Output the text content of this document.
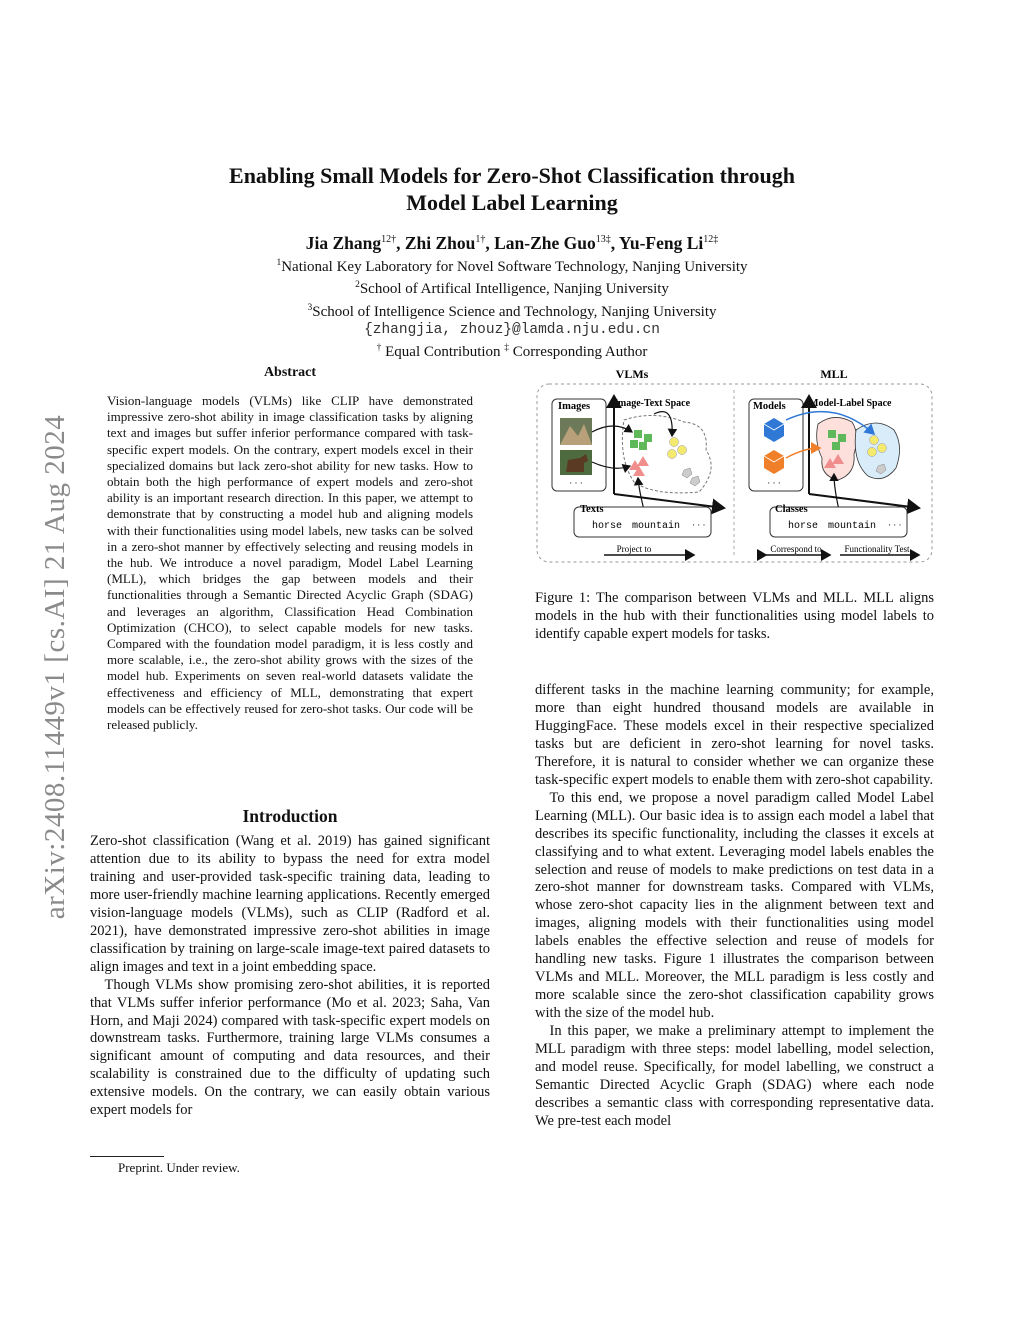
arXiv:2408.11449v1 [cs.AI] 21 Aug 2024
Enabling Small Models for Zero-Shot Classification through
Model Label Learning
Jia Zhang$^{12\dagger}$, Zhi Zhou$^{1\dagger}$, Lan-Zhe Guo$^{13\ddagger}$, Yu-Feng $Li^{12\ddagger}$
$^1$National Key Laboratory for Novel Software Technology, Nanjing University
$^2$School of Artifical Intelligence, Nanjing University
$^3$School of Intelligence Science and Technology, Nanjing University
{zhangjia, zhouz}@lamda.nju.edu.cn
† Equal Contribution ‡ Corresponding Author
Abstract
Vision-language models (VLMs) like CLIP have demonstrated impressive zero-shot ability in image classification tasks by aligning text and images but suffer inferior performance compared with task-specific expert models. On the contrary, expert models excel in their specialized domains but lack zero-shot ability for new tasks. How to obtain both the high performance of expert models and zero-shot ability is an important research direction. In this paper, we attempt to demonstrate that by constructing a model hub and aligning models with their functionalities using model labels, new tasks can be solved in a zero-shot manner by effectively selecting and reusing models in the hub. We introduce a novel paradigm, Model Label Learning (MLL), which bridges the gap between models and their functionalities through a Semantic Directed Acyclic Graph (SDAG) and leverages an algorithm, Classification Head Combination Optimization (CHCO), to select capable models for new tasks. Compared with the foundation model paradigm, it is less costly and more scalable, i.e., the zero-shot ability grows with the sizes of the model hub. Experiments on seven real-world datasets validate the effectiveness and efficiency of MLL, demonstrating that expert models can be effectively reused for zero-shot tasks. Our code will be released publicly.
Introduction

Zero-shot classification (Wang et al. 2019) has gained significant attention due to its ability to bypass the need for extra model training and user-provided task-specific training data, leading to more user-friendly machine learning applications. Recently emerged vision-language models (VLMs), such as CLIP (Radford et al. 2021), have demonstrated impressive zero-shot abilities in image classification by training on large-scale image-text paired datasets to align images and text in a joint embedding space.

Though VLMs show promising zero-shot abilities, it is reported that VLMs suffer inferior performance (Mo et al. 2023; Saha, Van Horn, and Maji 2024) compared with task-specific expert models on downstream tasks. Furthermore, training large VLMs consumes a significant amount of computing and data resources, and their scalability is constrained due to the difficulty of updating such extensive models. On the contrary, we can easily obtain various expert models for

Preprint. Under review.
VLMs	MLL
Images
· · ·
Image-Text Space
Texts
horse mountain · · ·
Project to
Models
· · ·
Model-Label Space
Classes
horse mountain · · ·
Correspond to	Functionality Test
Figure 1: The comparison between VLMs and MLL. MLL aligns models in the hub with their functionalities using model labels to identify capable expert models for tasks.

different tasks in the machine learning community; for example, more than eight hundred thousand models are available in HuggingFace. These models excel in their respective specialized tasks but are deficient in zero-shot learning for novel tasks. Therefore, it is natural to consider whether we can organize these task-specific expert models to enable them with zero-shot capability.

To this end, we propose a novel paradigm called Model Label Learning (MLL). Our basic idea is to assign each model a label that describes its specific functionality, including the classes it excels at classifying and to what extent. Leveraging model labels enables the selection and reuse of models to make predictions on test data in a zero-shot manner for downstream tasks. Compared with VLMs, whose zero-shot capacity lies in the alignment between text and images, aligning models with their functionalities using model labels enables the effective selection and reuse of models for handling new tasks. Figure 1 illustrates the comparison between VLMs and MLL. Moreover, the MLL paradigm is less costly and more scalable since the zero-shot classification capability grows with the size of the model hub.

In this paper, we make a preliminary attempt to implement the MLL paradigm with three steps: model labelling, model selection, and model reuse. Specifically, for model labelling, we construct a Semantic Directed Acyclic Graph (SDAG) where each node describes a semantic class with corresponding representative data. We pre-test each model
